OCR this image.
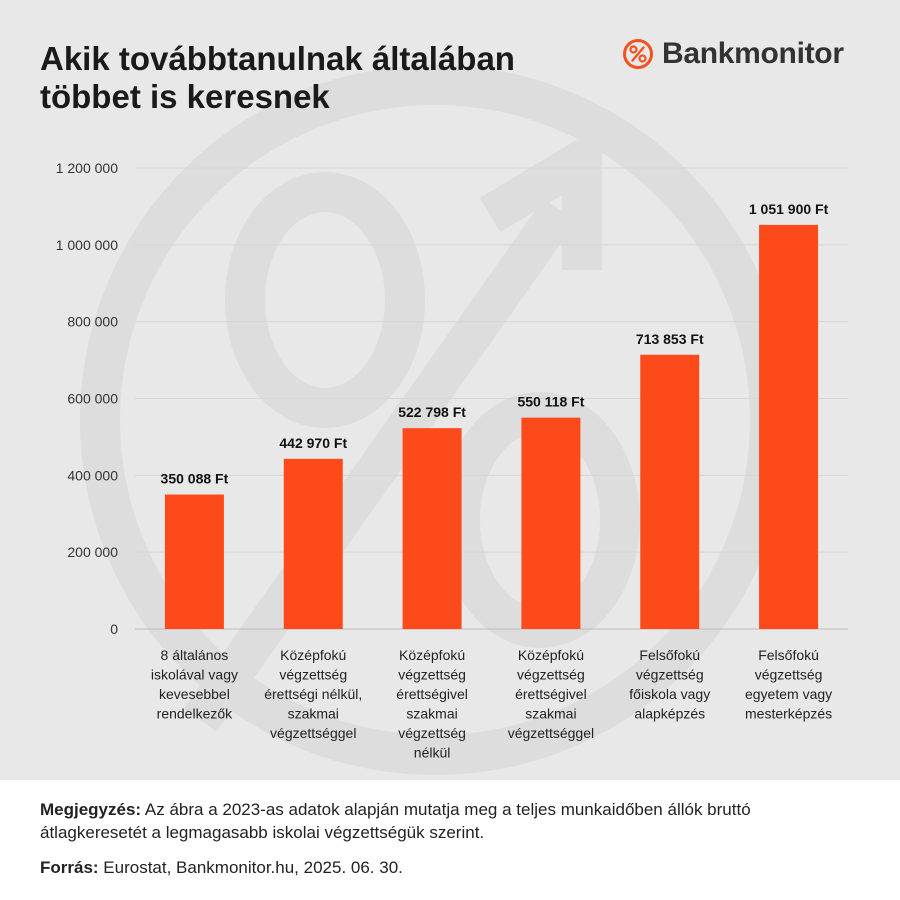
Akik továbbtanulnak általában
többet is keresnek
Bankmonitor
0
200 000
400 000
600 000
800 000
1 000 000
1 200 000
350 088 Ft
8 általános
iskolával vagy
kevesebbel
rendelkezők
442 970 Ft
Középfokú
végzettség
érettségi nélkül,
szakmai
végzettséggel
522 798 Ft
Középfokú
végzettség
érettségivel
szakmai
végzettség
nélkül
550 118 Ft
Középfokú
végzettség
érettségivel
szakmai
végzettséggel
713 853 Ft
Felsőfokú
végzettség
főiskola vagy
alapképzés
1 051 900 Ft
Felsőfokú
végzettség
egyetem vagy
mesterképzés

Megjegyzés: Az ábra a 2023-as adatok alapján mutatja meg a teljes munkaidőben állók bruttó átlagkeresetét a legmagasabb iskolai végzettségük szerint.

Forrás: Eurostat, Bankmonitor.hu, 2025. 06. 30.
